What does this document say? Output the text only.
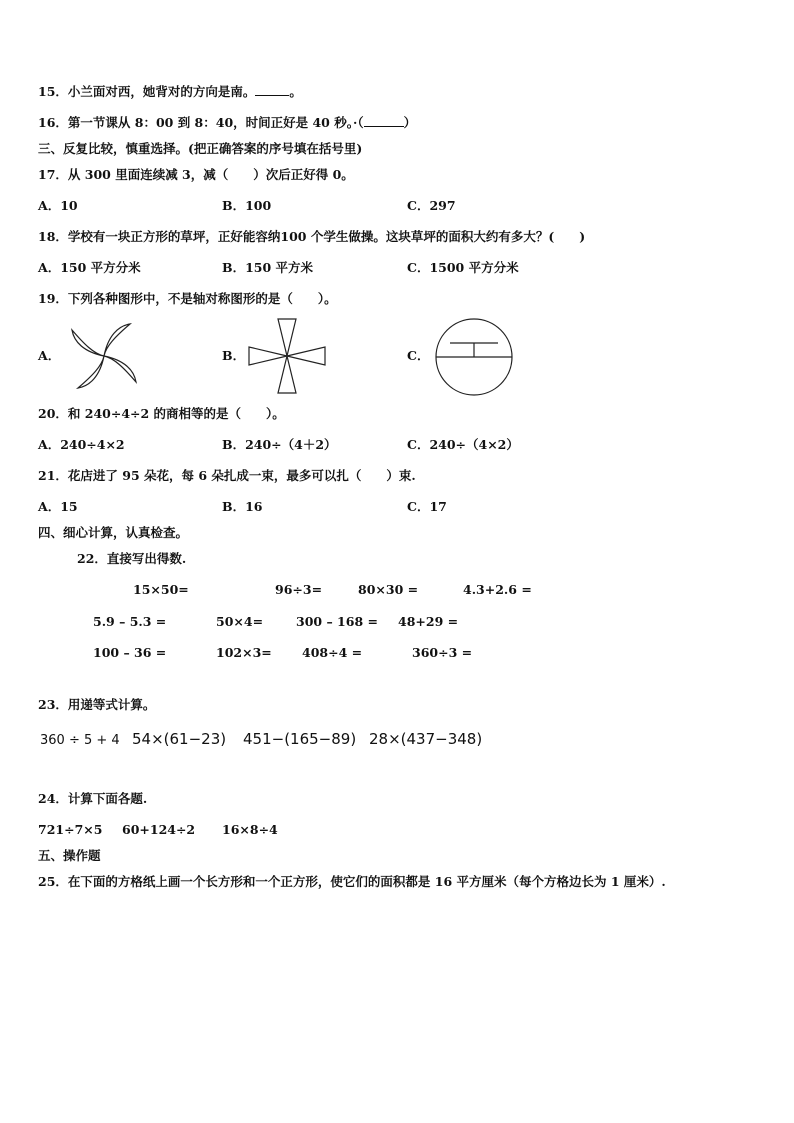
15．小兰面对西，她背对的方向是南。	。
16．第一节课从 8：00 到 8：40，时间正好是 40 秒。·（	）
三、反复比较，慎重选择。(把正确答案的序号填在括号里)
17．从 300 里面连续减 3，减（　　）次后正好得 0。
A．10	B．100	C．297
18．学校有一块正方形的草坪，正好能容纳100 个学生做操。这块草坪的面积大约有多大？(　　)
A．150 平方分米	B．150 平方米	C．1500 平方分米
19．下列各种图形中，不是轴对称图形的是（　　）。
A．	B．	C．
20．和 240÷4÷2 的商相等的是（　　）。
A．240÷4×2	B．240÷（4＋2）	C．240÷（4×2）
21．花店进了 95 朵花，每 6 朵扎成一束，最多可以扎（　　）束.
A．15	B．16	C．17
四、细心计算，认真检查。
22．直接写出得数.
15×50=	96÷3=	80×30 =	4.3+2.6 =
5.9 – 5.3 =	50×4=	300 – 168 = 48+29 =
100 – 36 =	102×3= 408÷4 =	360÷3 =
23．用递等式计算。
360 ÷ 5 + 4 54×(61−23) 451−(165−89) 28×(437−348)
24．计算下面各题.
721÷7×5 60+124÷2 16×8÷4
五、操作题
25．在下面的方格纸上画一个长方形和一个正方形，使它们的面积都是 16 平方厘米（每个方格边长为 1 厘米）.
